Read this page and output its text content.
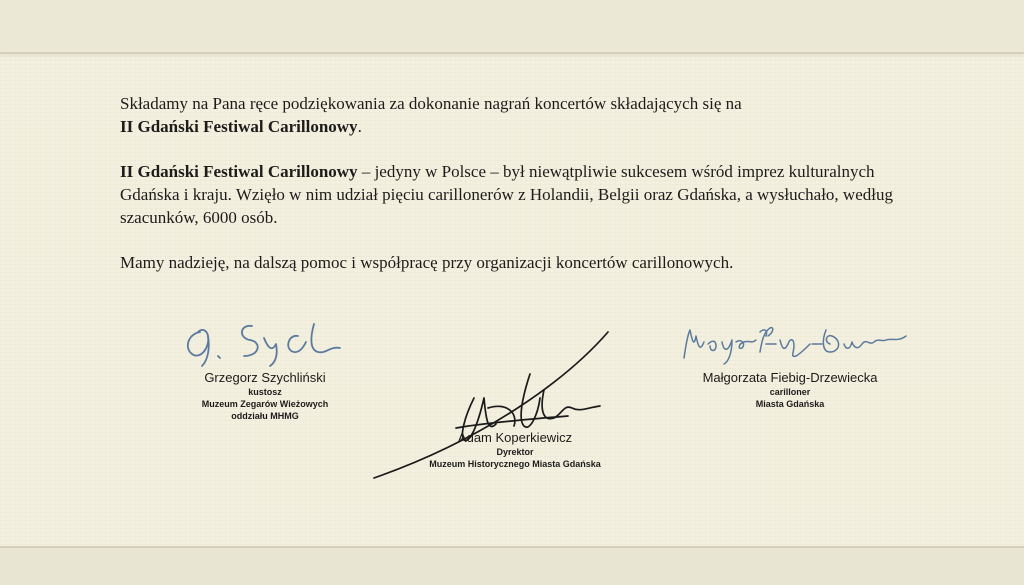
Składamy na Pana ręce podziękowania za dokonanie nagrań koncertów składających się na
II Gdański Festiwal Carillonowy.

II Gdański Festiwal Carillonowy – jedyny w Polsce – był niewątpliwie sukcesem wśród imprez kulturalnych Gdańska i kraju. Wzięło w nim udział pięciu carillonerów z Holandii, Belgii oraz Gdańska, a wysłuchało, według szacunków, 6000 osób.

Mamy nadzieję, na dalszą pomoc i współpracę przy organizacji koncertów carillonowych.

Grzegorz Szychliński
kustosz
Muzeum Zegarów Wieżowych
oddziału MHMG
Adam Koperkiewicz
Dyrektor
Muzeum Historycznego Miasta Gdańska
Małgorzata Fiebig-Drzewiecka
carilloner
Miasta Gdańska
